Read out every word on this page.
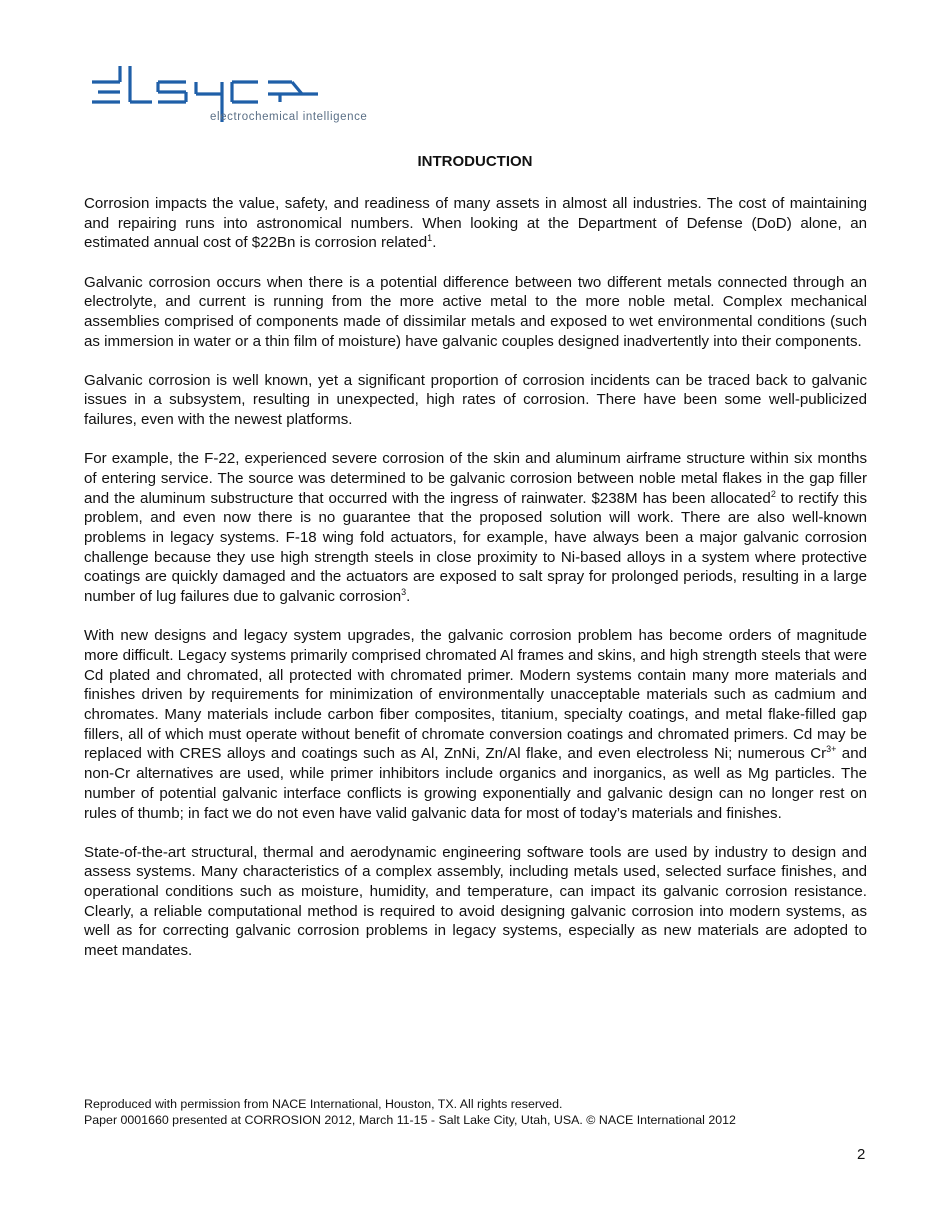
electrochemical intelligence
INTRODUCTION

Corrosion impacts the value, safety, and readiness of many assets in almost all industries. The cost of maintaining and repairing runs into astronomical numbers. When looking at the Department of Defense (DoD) alone, an estimated annual cost of $22Bn is corrosion related$^1$.

Galvanic corrosion occurs when there is a potential difference between two different metals connected through an electrolyte, and current is running from the more active metal to the more noble metal. Complex mechanical assemblies comprised of components made of dissimilar metals and exposed to wet environmental conditions (such as immersion in water or a thin film of moisture) have galvanic couples designed inadvertently into their components.

Galvanic corrosion is well known, yet a significant proportion of corrosion incidents can be traced back to galvanic issues in a subsystem, resulting in unexpected, high rates of corrosion. There have been some well-publicized failures, even with the newest platforms.

For example, the F-22, experienced severe corrosion of the skin and aluminum airframe structure within six months of entering service. The source was determined to be galvanic corrosion between noble metal flakes in the gap filler and the aluminum substructure that occurred with the ingress of rainwater. $238M has been allocated$^2$ to rectify this problem, and even now there is no guarantee that the proposed solution will work. There are also well-known problems in legacy systems. F-18 wing fold actuators, for example, have always been a major galvanic corrosion challenge because they use high strength steels in close proximity to Ni-based alloys in a system where protective coatings are quickly damaged and the actuators are exposed to salt spray for prolonged periods, resulting in a large number of lug failures due to galvanic corrosion$^3$.

With new designs and legacy system upgrades, the galvanic corrosion problem has become orders of magnitude more difficult. Legacy systems primarily comprised chromated Al frames and skins, and high strength steels that were Cd plated and chromated, all protected with chromated primer. Modern systems contain many more materials and finishes driven by requirements for minimization of environmentally unacceptable materials such as cadmium and chromates. Many materials include carbon fiber composites, titanium, specialty coatings, and metal flake-filled gap fillers, all of which must operate without benefit of chromate conversion coatings and chromated primers. Cd may be replaced with CRES alloys and coatings such as Al, ZnNi, Zn/Al flake, and even electroless Ni; numerous $Cr^{3+}$ and non-Cr alternatives are used, while primer inhibitors include organics and inorganics, as well as Mg particles. The number of potential galvanic interface conflicts is growing exponentially and galvanic design can no longer rest on rules of thumb; in fact we do not even have valid galvanic data for most of today’s materials and finishes.

State-of-the-art structural, thermal and aerodynamic engineering software tools are used by industry to design and assess systems. Many characteristics of a complex assembly, including metals used, selected surface finishes, and operational conditions such as moisture, humidity, and temperature, can impact its galvanic corrosion resistance. Clearly, a reliable computational method is required to avoid designing galvanic corrosion into modern systems, as well as for correcting galvanic corrosion problems in legacy systems, especially as new materials are adopted to meet mandates.

Reproduced with permission from NACE International, Houston, TX. All rights reserved.
Paper 0001660 presented at CORROSION 2012, March 11-15 - Salt Lake City, Utah, USA. © NACE International 2012
2
